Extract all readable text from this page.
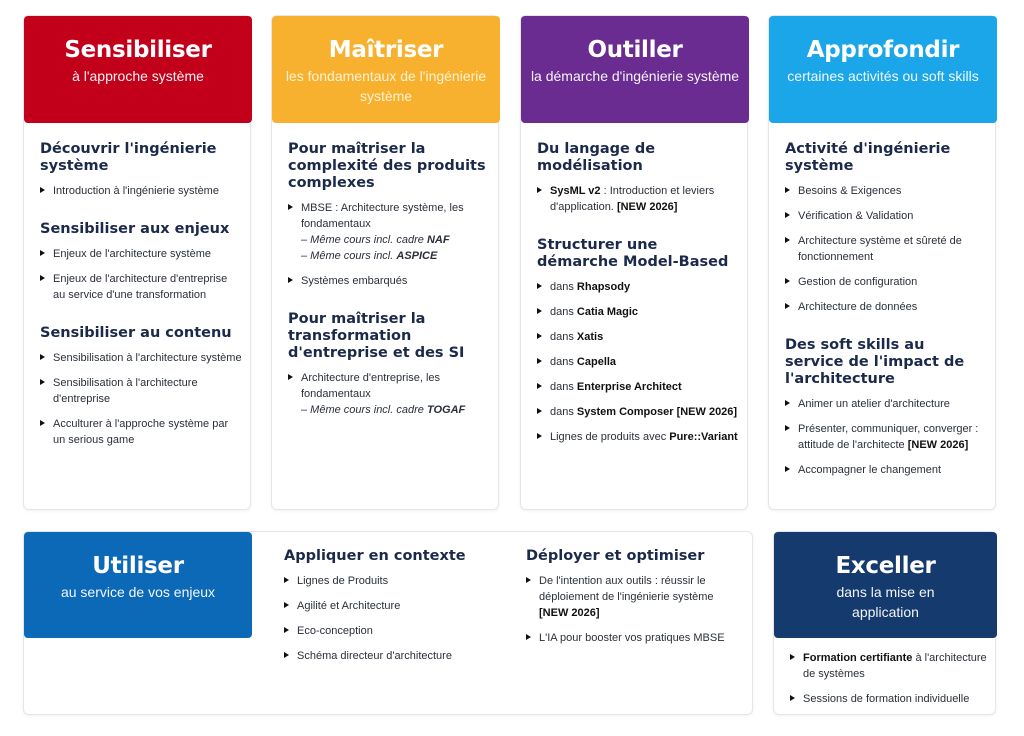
Sensibiliser
à l'approche système
Découvrir l'ingénierie système
Introduction à l'ingénierie système
Sensibiliser aux enjeux
Enjeux de l'architecture système
Enjeux de l'architecture d'entreprise au service d'une transformation
Sensibiliser au contenu
Sensibilisation à l'architecture système
Sensibilisation à l'architecture d'entreprise
Acculturer à l'approche système par un serious game
Maîtriser
les fondamentaux de l'ingénierie système
Pour maîtriser la complexité des produits complexes
MBSE : Architecture système, les fondamentaux
– Même cours incl. cadre NAF
– Même cours incl. ASPICE
Systèmes embarqués
Pour maîtriser la transformation d'entreprise et des SI
Architecture d'entreprise, les fondamentaux
– Même cours incl. cadre TOGAF
Outiller
la démarche d'ingénierie système
Du langage de modélisation
SysML v2 : Introduction et leviers d'application. [NEW 2026]
Structurer une démarche Model-Based
dans Rhapsody
dans Catia Magic
dans Xatis
dans Capella
dans Enterprise Architect
dans System Composer [NEW 2026]
Lignes de produits avec Pure::Variant
Approfondir
certaines activités ou soft skills
Activité d'ingénierie système
Besoins & Exigences
Vérification & Validation
Architecture système et sûreté de fonctionnement
Gestion de configuration
Architecture de données
Des soft skills au service de l'impact de l'architecture
Animer un atelier d'architecture
Présenter, communiquer, converger : attitude de l'architecte [NEW 2026]
Accompagner le changement
Utiliser
au service de vos enjeux
Appliquer en contexte
Lignes de Produits
Agilité et Architecture
Eco-conception
Schéma directeur d'architecture
Déployer et optimiser
De l'intention aux outils : réussir le déploiement de l'ingénierie système [NEW 2026]
L'IA pour booster vos pratiques MBSE
Exceller
dans la mise en application
Formation certifiante à l'architecture de systèmes
Sessions de formation individuelle
